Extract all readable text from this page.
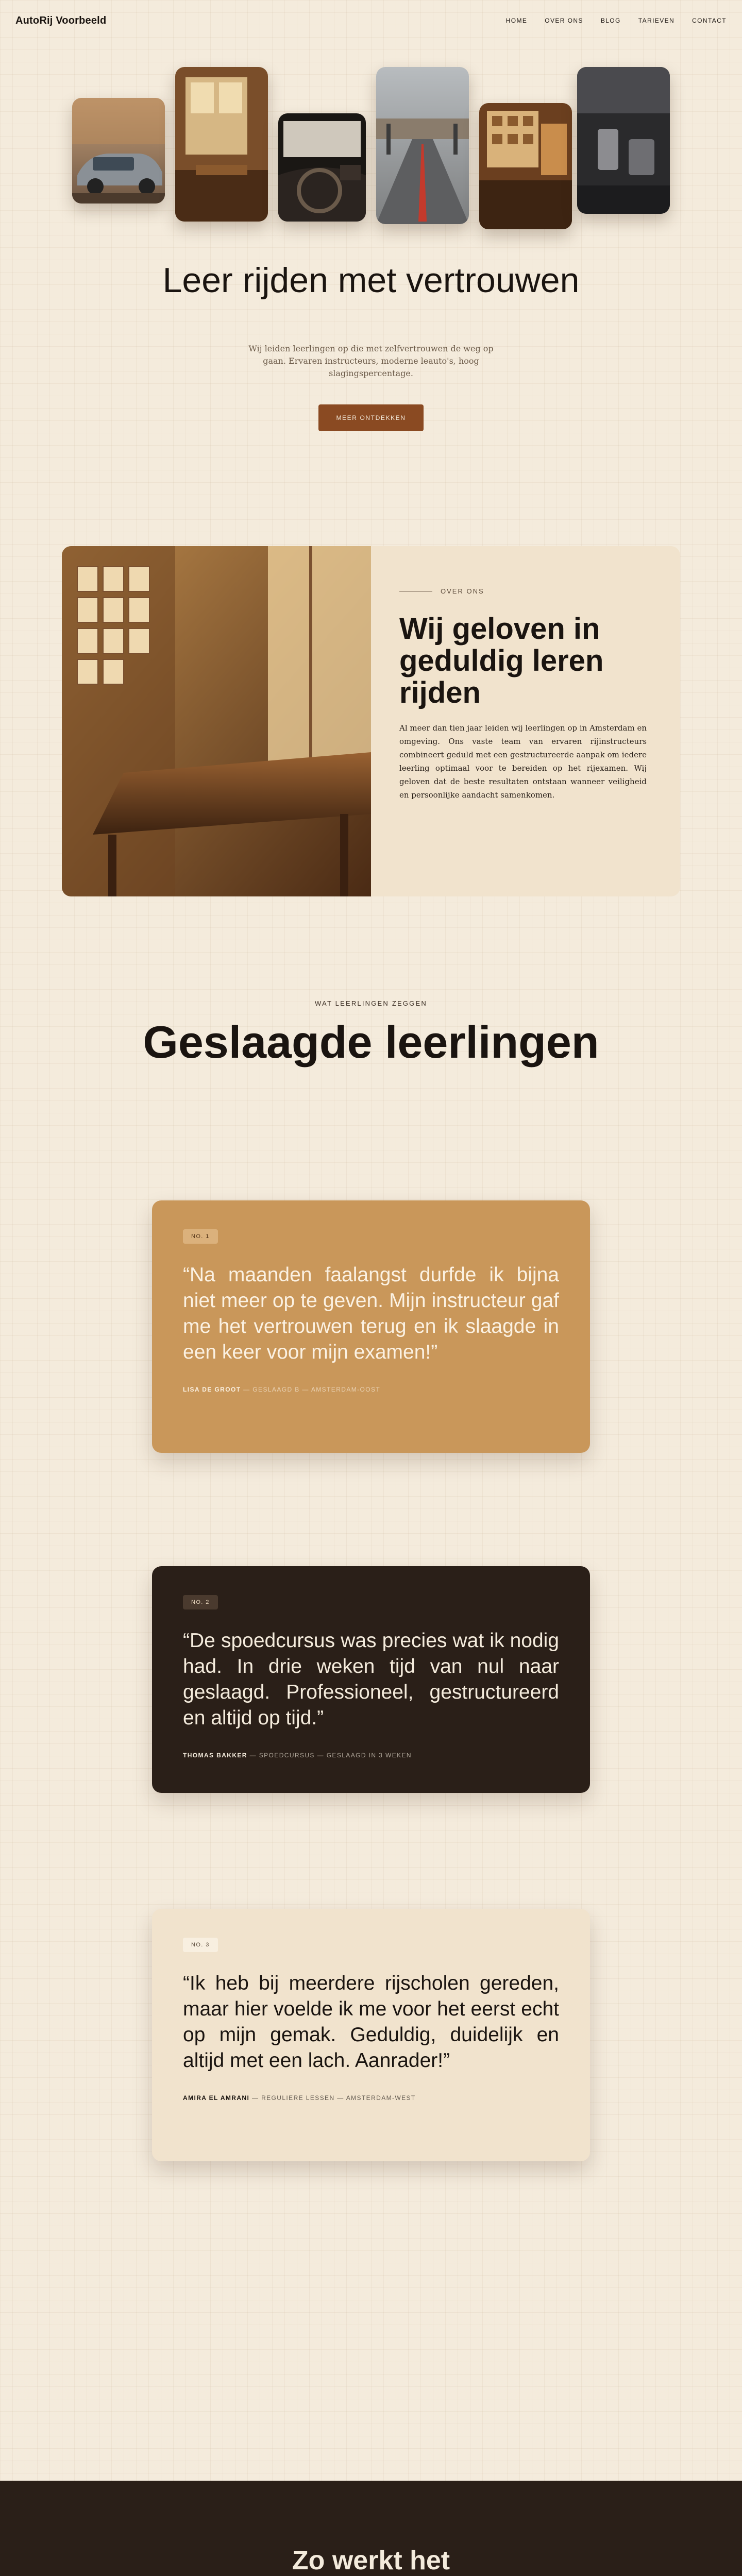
AutoRij Voorbeeld	HOME	OVER ONS	BLOG	TARIEVEN	CONTACT
Leer rijden met vertrouwen

Wij leiden leerlingen op die met zelfvertrouwen de weg op gaan. Ervaren instructeurs, moderne leauto's, hoog slagingspercentage.

MEER ONTDEKKEN
OVER ONS
Wij geloven in geduldig leren rijden

Al meer dan tien jaar leiden wij leerlingen op in Amsterdam en omgeving. Ons vaste team van ervaren rijinstructeurs combineert geduld met een gestructureerde aanpak om iedere leerling optimaal voor te bereiden op het rijexamen. Wij geloven dat de beste resultaten ontstaan wanneer veiligheid en persoonlijke aandacht samenkomen.

WAT LEERLINGEN ZEGGEN
Geslaagde leerlingen
NO. 1

“Na maanden faalangst durfde ik bijna niet meer op te geven. Mijn instructeur gaf me het vertrouwen terug en ik slaagde in een keer voor mijn examen!”

LISA DE GROOT — GESLAAGD B — AMSTERDAM-OOST
NO. 2

“De spoedcursus was precies wat ik nodig had. In drie weken tijd van nul naar geslaagd. Professioneel, gestructureerd en altijd op tijd.”

THOMAS BAKKER — SPOEDCURSUS — GESLAAGD IN 3 WEKEN
NO. 3

“Ik heb bij meerdere rijscholen gereden, maar hier voelde ik me voor het eerst echt op mijn gemak. Geduldig, duidelijk en altijd met een lach. Aanrader!”

AMIRA EL AMRANI — REGULIERE LESSEN — AMSTERDAM-WEST
Zo werkt het
